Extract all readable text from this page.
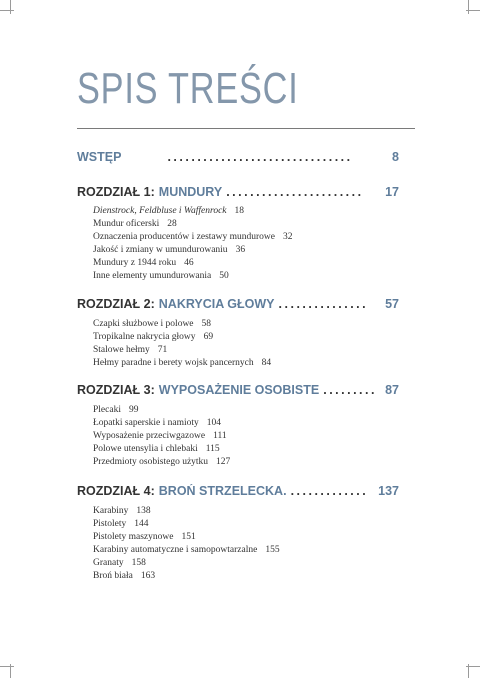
SPIS TREŚCI
WSTĘP	...............................	8
ROZDZIAŁ 1: MUNDURY .......................	17
Dienstrock, Feldbluse i Waffenrock 18
Mundur oficerski 28
Oznaczenia producentów i zestawy mundurowe 32
Jakość i zmiany w umundurowaniu 36
Mundury z 1944 roku 46
Inne elementy umundurowania 50
ROZDZIAŁ 2: NAKRYCIA GŁOWY ...............	57
Czapki służbowe i polowe 58
Tropikalne nakrycia głowy 69
Stalowe hełmy 71
Hełmy paradne i berety wojsk pancernych 84
ROZDZIAŁ 3: WYPOSAŻENIE OSOBISTE ......... 87
Plecaki 99
Łopatki saperskie i namioty 104
Wyposażenie przeciwgazowe 111
Polowe utensylia i chlebaki 115
Przedmioty osobistego użytku 127
ROZDZIAŁ 4: BROŃ STRZELECKA. ............. 137
Karabiny 138
Pistolety 144
Pistolety maszynowe 151
Karabiny automatyczne i samopowtarzalne 155
Granaty 158
Broń biała 163
